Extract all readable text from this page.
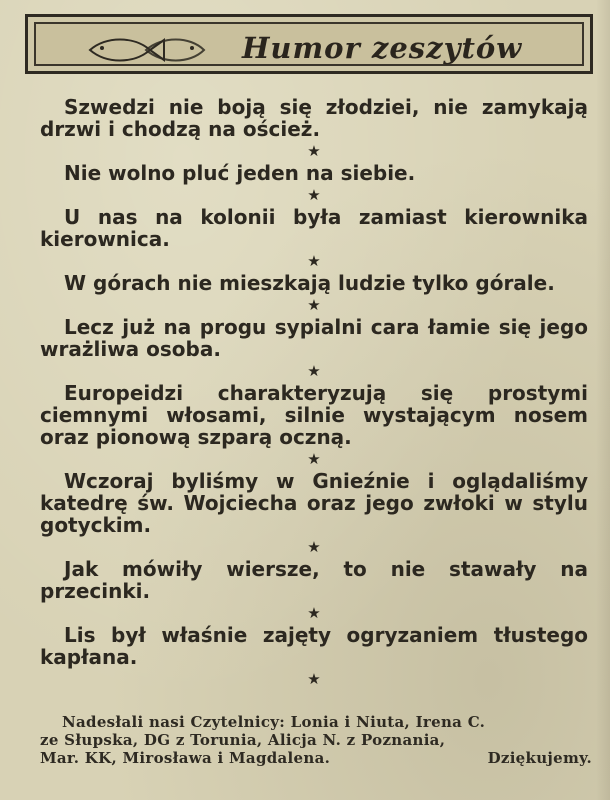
Humor zeszytów

Szwedzi nie boją się złodziei, nie zamykają drzwi i chodzą na oścież.

★

Nie wolno pluć jeden na siebie.

★

U nas na kolonii była zamiast kierownika kierownica.

★

W górach nie mieszkają ludzie tylko górale.

★

Lecz już na progu sypialni cara łamie się jego wrażliwa osoba.

★

Europeidzi charakteryzują się prostymi ciemnymi włosami, silnie wystającym nosem oraz pionową szparą oczną.

★

Wczoraj byliśmy w Gnieźnie i oglądaliśmy katedrę św. Wojciecha oraz jego zwłoki w stylu gotyckim.

★

Jak mówiły wiersze, to nie stawały na przecinki.

★

Lis był właśnie zajęty ogryzaniem tłustego kapłana.

★

Nadesłali nasi Czytelnicy: Lonia i Niuta, Irena C.
ze Słupska, DG z Torunia, Alicja N. z Poznania,
Mar. KK, Mirosława i Magdalena.	Dziękujemy.
